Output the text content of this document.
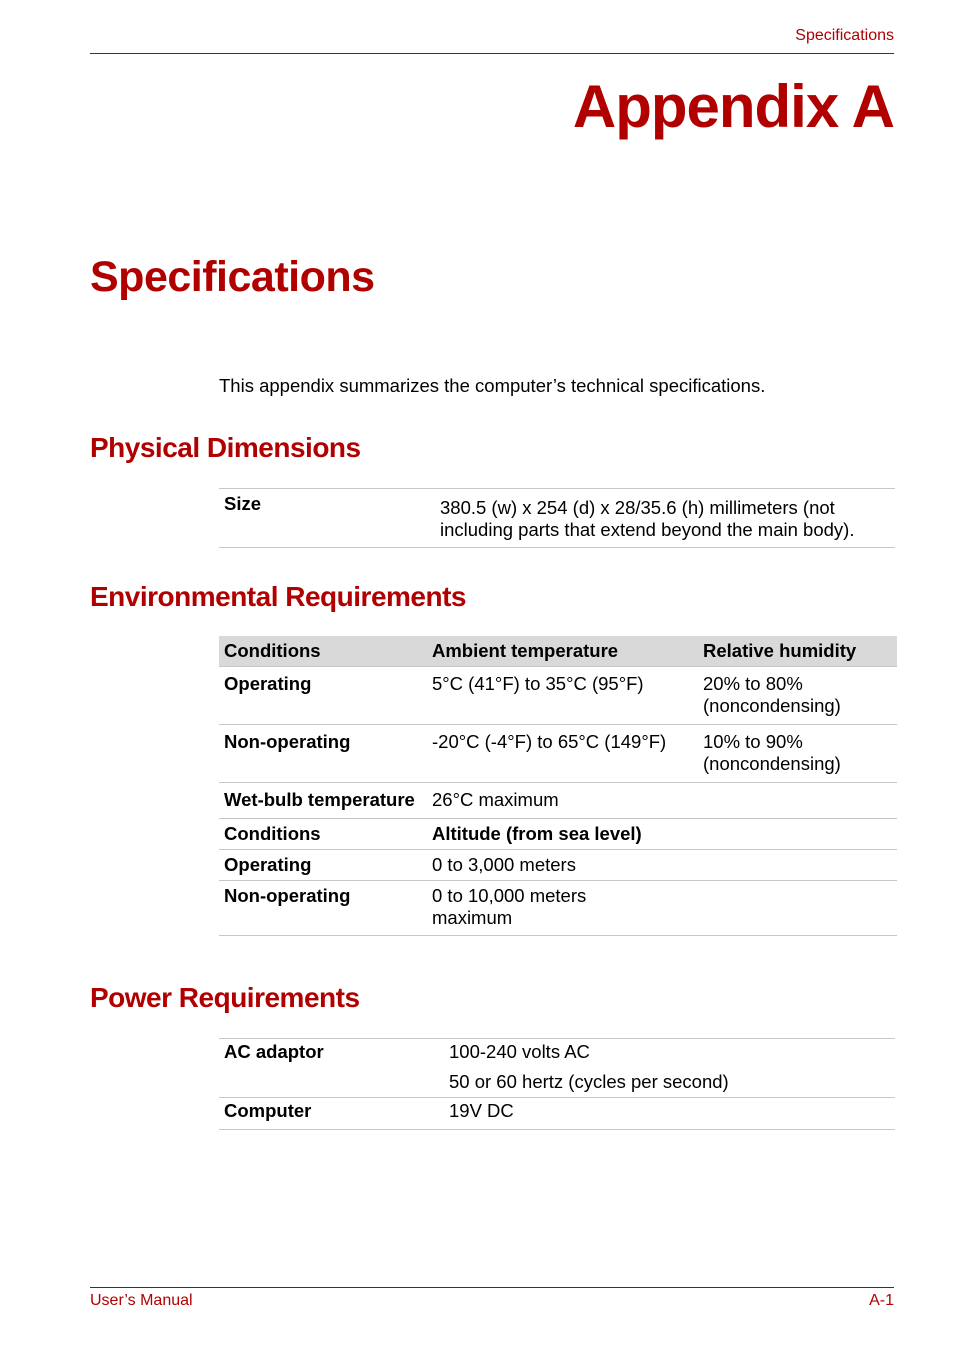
Specifications
Appendix A
Specifications
This appendix summarizes the computer’s technical specifications.
Physical Dimensions
Size	380.5 (w) x 254 (d) x 28/35.6 (h) millimeters (not including parts that extend beyond the main body).
Environmental Requirements
Conditions	Ambient temperature	Relative humidity
Operating	5°C (41°F) to 35°C (95°F)	20% to 80% (noncondensing)
Non-operating	-20°C (-4°F) to 65°C (149°F)	10% to 90% (noncondensing)
Wet-bulb temperature	26°C maximum	
Conditions	Altitude (from sea level)	
Operating	0 to 3,000 meters	
Non-operating	0 to 10,000 meters maximum	
Power Requirements
AC adaptor	100-240 volts AC
	50 or 60 hertz (cycles per second)
Computer	19V DC
User’s Manual	A-1
